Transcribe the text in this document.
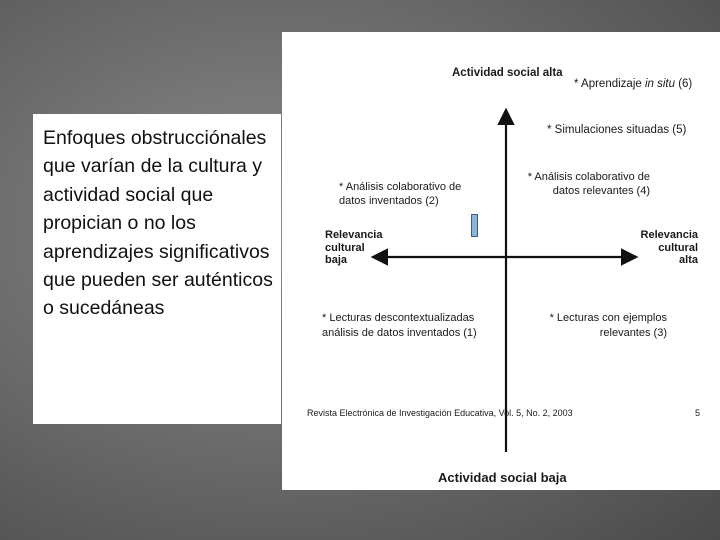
Enfoques obstrucciónales que varían de la cultura y actividad social que propician o no los aprendizajes significativos que pueden ser auténticos o sucedáneas
Actividad social alta
Actividad social baja
Relevancia
cultural
baja
Relevancia
cultural
alta
* Aprendizaje in situ (6)
* Simulaciones situadas (5)
* Análisis colaborativo de
datos relevantes (4)
* Análisis colaborativo de
datos inventados (2)
* Lecturas descontextualizadas
análisis de datos inventados (1)
* Lecturas con ejemplos
relevantes (3)
Revista Electrónica de Investigación Educativa, Vol. 5, No. 2, 2003	5
